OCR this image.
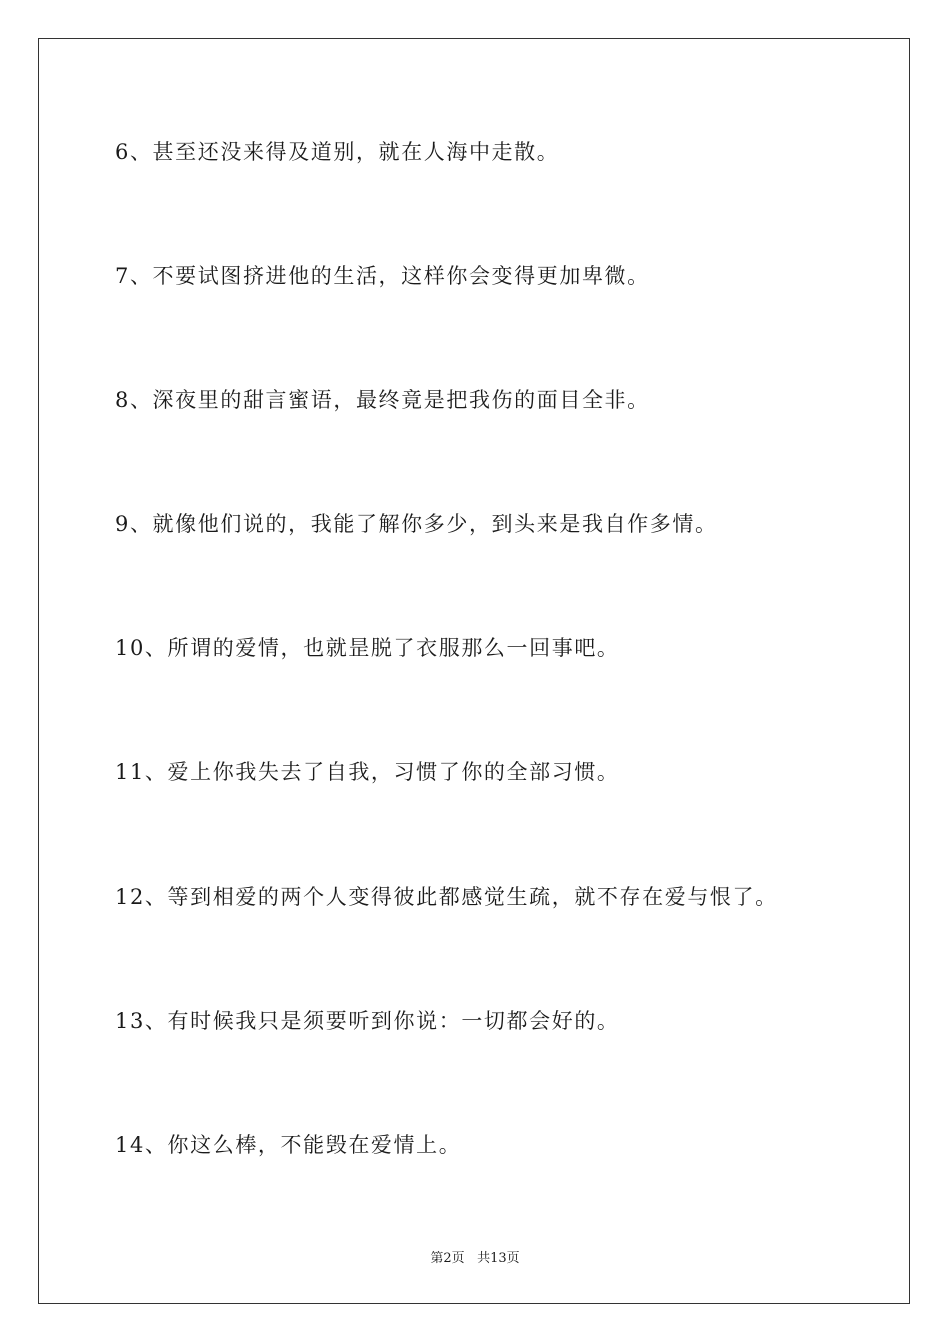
6、甚至还没来得及道别，就在人海中走散。
7、不要试图挤进他的生活，这样你会变得更加卑微。
8、深夜里的甜言蜜语，最终竟是把我伤的面目全非。
9、就像他们说的，我能了解你多少，到头来是我自作多情。
10、所谓的爱情，也就昰脱了衣服那么一回事吧。
11、爱上你我失去了自我，习惯了你的全部习惯。
12、等到相爱的两个人变得彼此都感觉生疏，就不存在爱与恨了。
13、有时候我只是须要听到你说：一切都会好的。
14、你这么棒，不能毁在爱情上。
第2页 共13页
